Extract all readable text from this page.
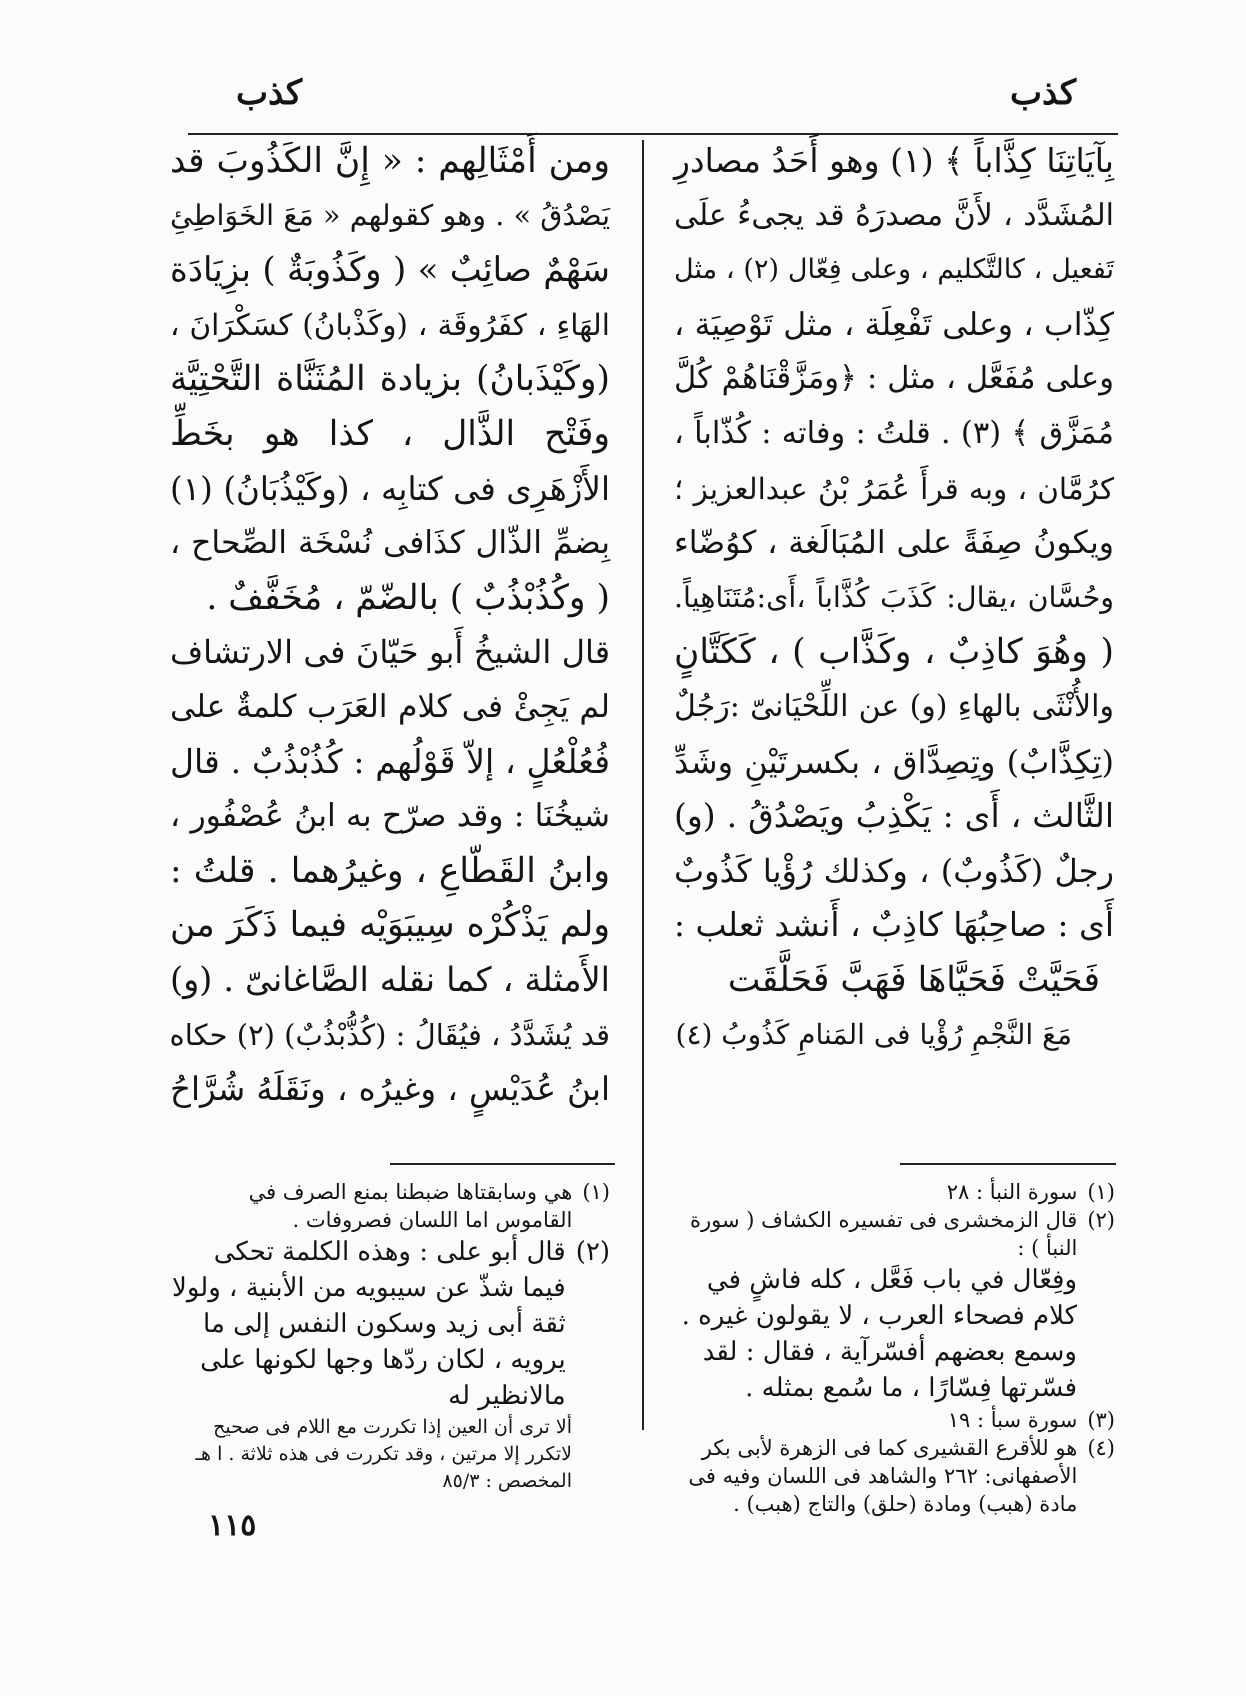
كذب
كذب
بِآيَاتِنَا كِذَّاباً ﴾ (١) وهو أَحَدُ مصادرِ
المُشَدَّد ، لأَنَّ مصدرَهُ قد يجىءُ علَى
تَفعيل ، كالتَّكليم ، وعلى فِعّال (٢) ، مثل
كِذّاب ، وعلى تَفْعِلَة ، مثل تَوْصِيَة ،
وعلى مُفَعَّل ، مثل : ﴿ومَزَّقْنَاهُمْ كُلَّ
مُمَزَّق ﴾ (٣) . قلتُ : وفاته : كُذّاباً ،
كرُمَّان ، وبه قرأَ عُمَرُ بْنُ عبدالعزيز ؛
ويكونُ صِفَةً على المُبَالَغة ، كوُضّاء
وحُسَّان ،يقال: كَذَبَ كُذَّاباً ،أَى:مُتَنَاهِياً.
( وهُوَ كاذِبٌ ، وكَذَّاب ) ، كَكَتَّانٍ
والأُنْثَى بالهاءِ (و) عن اللِّحْيَانىّ :رَجُلٌ
(تِكِذَّابٌ) وتِصِدَّاق ، بكسرتَيْنِ وشَدِّ
الثَّالث ، أَى : يَكْذِبُ ويَصْدُقُ . (و)
رجلٌ (كَذُوبٌ) ، وكذلك رُؤْيا كَذُوبٌ
أَى : صاحِبُهَا كاذِبٌ ، أَنشد ثعلب :
فَحَيَّتْ فَحَيَّاهَا فَهَبَّ فَحَلَّقَت
مَعَ النَّجْمِ رُؤْيا فى المَنامِ كَذُوبُ (٤)
ومن أَمْثَالِهم : « إِنَّ الكَذُوبَ قد
يَصْدُقُ » . وهو كقولهم « مَعَ الخَوَاطِئِ
سَهْمٌ صائِبٌ » ( وكَذُوبَةٌ ) بزِيَادَة
الهَاءِ ، كفَرُوقَة ، (وكَذْبانُ) كسَكْرَانَ ،
(وكَيْذَبانُ) بزيادة المُثَنَّاة التَّحْتِيَّة
وفَتْح الذَّال ، كذا هو بخَطِّ
الأَزْهَرِى فى كتابِه ، (وكَيْذُبَانُ) (١)
بِضمِّ الذّال كذَافى نُسْخَة الصِّحاح ،
( وكُذُبْذُبٌ ) بالضّمّ ، مُخَفَّفٌ .
قال الشيخُ أَبو حَيّانَ فى الارتشاف
لم يَجِئْ فى كلام العَرَب كلمةٌ على
فُعُلْعُلٍ ، إلاّ قَوْلُهم : كُذُبْذُبٌ . قال
شيخُنَا : وقد صرّح به ابنُ عُصْفُور ،
وابنُ القَطّاعِ ، وغيرُهما . قلتُ :
ولم يَذْكُرْه سِيبَوَيْه فيما ذَكَرَ من
الأَمثلة ، كما نقله الصَّاغانىّ . (و)
قد يُشَدَّدُ ، فيُقَالُ : (كُذُّبْذُبٌ) (٢) حكاه
ابنُ عُدَيْسٍ ، وغيرُه ، ونَقَلَهُ شُرَّاحُ
(١)
سورة النبأ : ٢٨
(٢)
قال الزمخشرى فى تفسيره الكشاف ( سورة النبأ ) :
وفِعّال في باب فَعَّل ، كله فاشٍ في كلام فصحاء العرب ، لا يقولون غيره . وسمع بعضهم أفسّرآية ، فقال : لقد فسّرتها فِسّارًا ، ما سُمع بمثله .
(٣)
سورة سبأ : ١٩
(٤)
هو للأقرع القشيرى كما فى الزهرة لأبى بكر الأصفهانى: ٢٦٢ والشاهد فى اللسان وفيه فى مادة (هبب) ومادة (حلق) والتاج (هبب) .
(١)
هي وسابقتاها ضبطنا بمنع الصرف في القاموس اما اللسان فصروفات .
(٢)
قال أبو على : وهذه الكلمة تحكى فيما شذّ عن سيبويه من الأبنية ، ولولا ثقة أبى زيد وسكون النفس إلى ما يرويه ، لكان ردّها وجها لكونها على مالانظير له
ألا ترى أن العين إذا تكررت مع اللام فى صحيح لاتكرر إلا مرتين ، وقد تكررت فى هذه ثلاثة . ا هـ المخصص : ٨٥/٣
١١٥
